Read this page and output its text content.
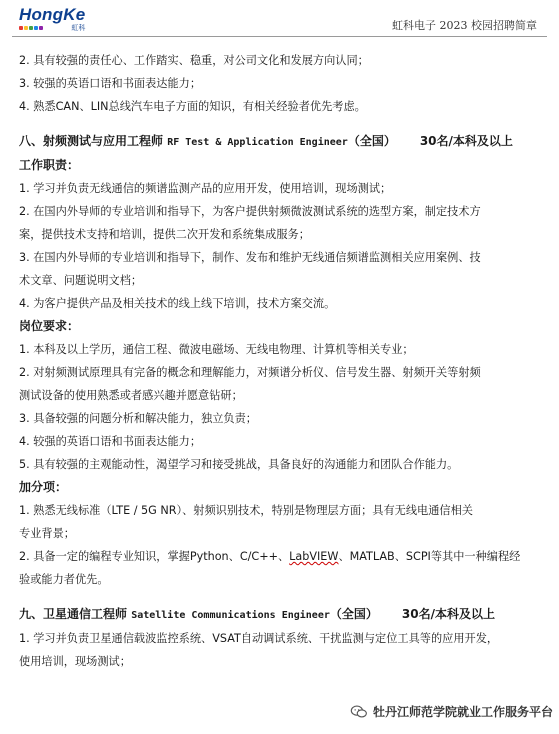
HongKe
虹科	虹科电子 2023 校园招聘简章
2. 具有较强的责任心、工作踏实、稳重，对公司文化和发展方向认同；
3. 较强的英语口语和书面表达能力；
4. 熟悉CAN、LIN总线汽车电子方面的知识，有相关经验者优先考虑。
八、射频测试与应用工程师 RF Test & Application Engineer（全国） 30名/本科及以上
工作职责：
1. 学习并负责无线通信的频谱监测产品的应用开发，使用培训，现场测试；
2. 在国内外导师的专业培训和指导下，为客户提供射频微波测试系统的选型方案，制定技术方
案，提供技术支持和培训，提供二次开发和系统集成服务；
3. 在国内外导师的专业培训和指导下，制作、发布和维护无线通信频谱监测相关应用案例、技
术文章、问题说明文档；
4. 为客户提供产品及相关技术的线上线下培训，技术方案交流。
岗位要求：
1. 本科及以上学历，通信工程、微波电磁场、无线电物理、计算机等相关专业；
2. 对射频测试原理具有完备的概念和理解能力，对频谱分析仪、信号发生器、射频开关等射频
测试设备的使用熟悉或者感兴趣并愿意钻研；
3. 具备较强的问题分析和解决能力，独立负责；
4. 较强的英语口语和书面表达能力；
5. 具有较强的主观能动性，渴望学习和接受挑战，具备良好的沟通能力和团队合作能力。
加分项：
1. 熟悉无线标准（LTE / 5G NR）、射频识别技术，特别是物理层方面；具有无线电通信相关
专业背景；
2. 具备一定的编程专业知识，掌握Python、C/C++、LabVIEW、MATLAB、SCPI等其中一种编程经
验或能力者优先。
九、卫星通信工程师 Satellite Communications Engineer（全国） 30名/本科及以上
1. 学习并负责卫星通信载波监控系统、VSAT自动调试系统、干扰监测与定位工具等的应用开发，
使用培训，现场测试；
牡丹江师范学院就业工作服务平台
